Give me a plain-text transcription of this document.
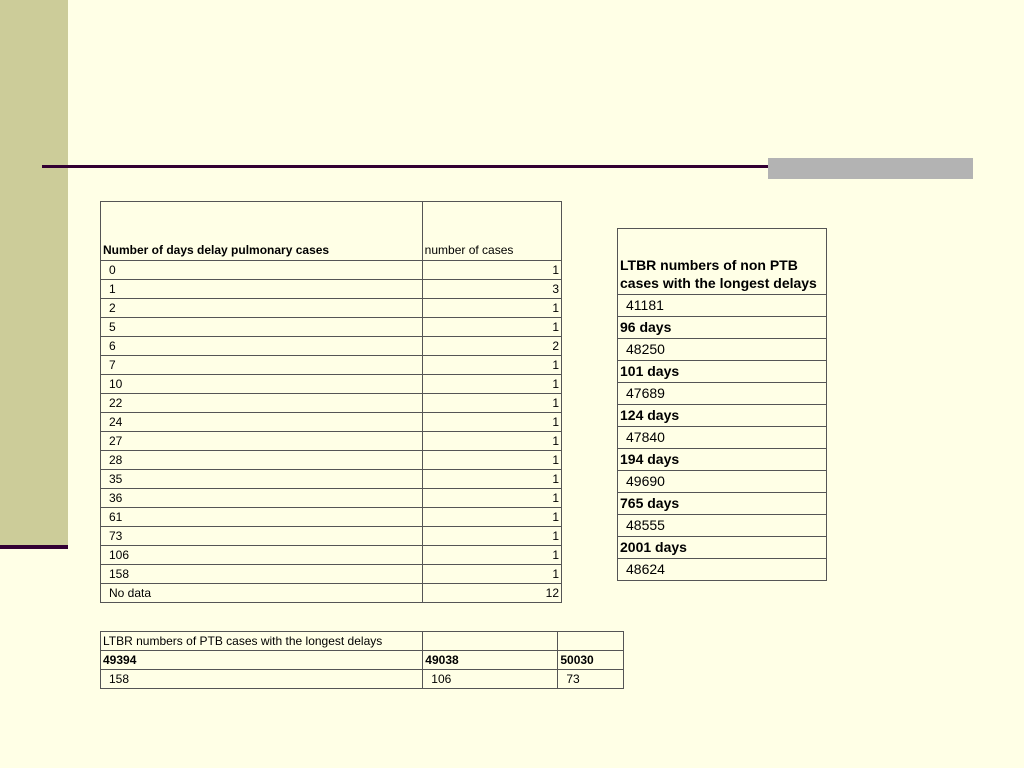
Number of days delay pulmonary cases	number of cases
0	1
1	3
2	1
5	1
6	2
7	1
10	1
22	1
24	1
27	1
28	1
35	1
36	1
61	1
73	1
106	1
158	1
No data	12
LTBR numbers of non PTB cases with the longest delays
41181
96 days
48250
101 days
47689
124 days
47840
194 days
49690
765 days
48555
2001 days
48624
LTBR numbers of PTB cases with the longest delays		
49394	49038	50030
158	106	73
